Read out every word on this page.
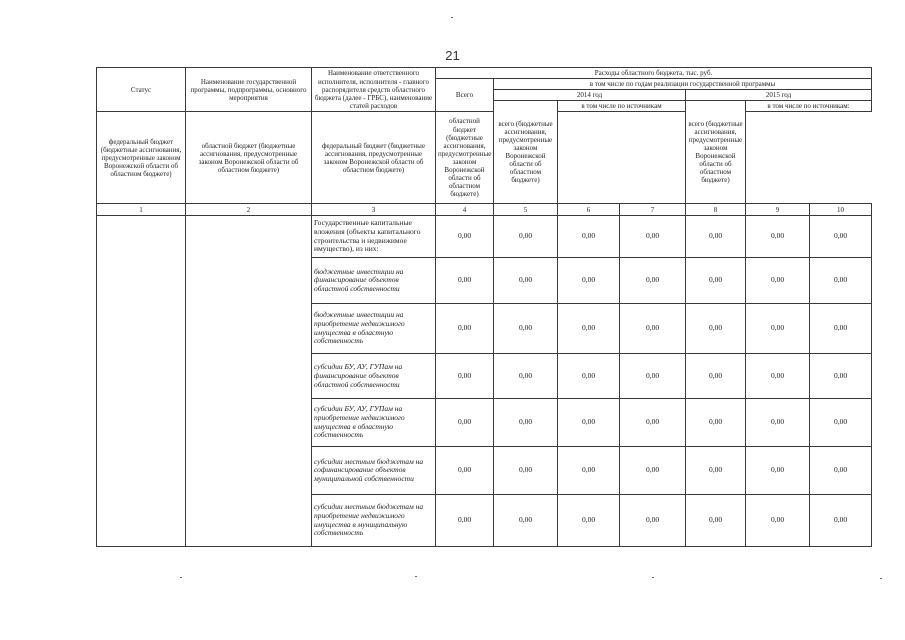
21
Статус	Наименование государственной программы, подпрограммы, основного мероприятия	Наименование ответственного исполнителя, исполнителя - главного распорядителя средств областного бюджета (далее - ГРБС), наименование статей расходов	Расходы областного бюджета, тыс. руб.						
			Всего	в том числе по годам реализации государственной программы					
				2014 год			2015 год		
				всего (бюджетные ассигнования, предусмотренные законом Воронежской области об областном бюджете)	в том числе по источникам		всего (бюджетные ассигнования, предусмотренные законом Воронежской области об областном бюджете)	в том числе по источникам:	
федеральный бюджет (бюджетные ассигнования, предусмотренные законом Воронежской области об областном бюджете)	областной бюджет (бюджетные ассигнования, предусмотренные законом Воронежской области об областном бюджете)	федеральный бюджет (бюджетные ассигнования, предусмотренные законом Воронежской области об областном бюджете)	областной бюджет (бюджетные ассигнования, предусмотренные законом Воронежской области об областном бюджете)						
1	2	3	4	5	6	7	8	9	10
		Государственные капитальные вложения (объекты капитального строительства и недвижимое имущество), из них:	0,00	0,00	0,00	0,00	0,00	0,00	0,00
		бюджетные инвестиции на финансирование объектов областной собственности	0,00	0,00	0,00	0,00	0,00	0,00	0,00
		бюджетные инвестиции на приобретение недвижимого имущества в областную собственность	0,00	0,00	0,00	0,00	0,00	0,00	0,00
		субсидии БУ, АУ, ГУПам на финансирование объектов областной собственности	0,00	0,00	0,00	0,00	0,00	0,00	0,00
		субсидии БУ, АУ, ГУПам на приобретение недвижимого имущества в областную собственность	0,00	0,00	0,00	0,00	0,00	0,00	0,00
		субсидии местным бюджетам на софинансирование объектов муниципальной собственности	0,00	0,00	0,00	0,00	0,00	0,00	0,00
		субсидии местным бюджетам на приобретение недвижимого имущества в муниципальную собственность	0,00	0,00	0,00	0,00	0,00	0,00	0,00
